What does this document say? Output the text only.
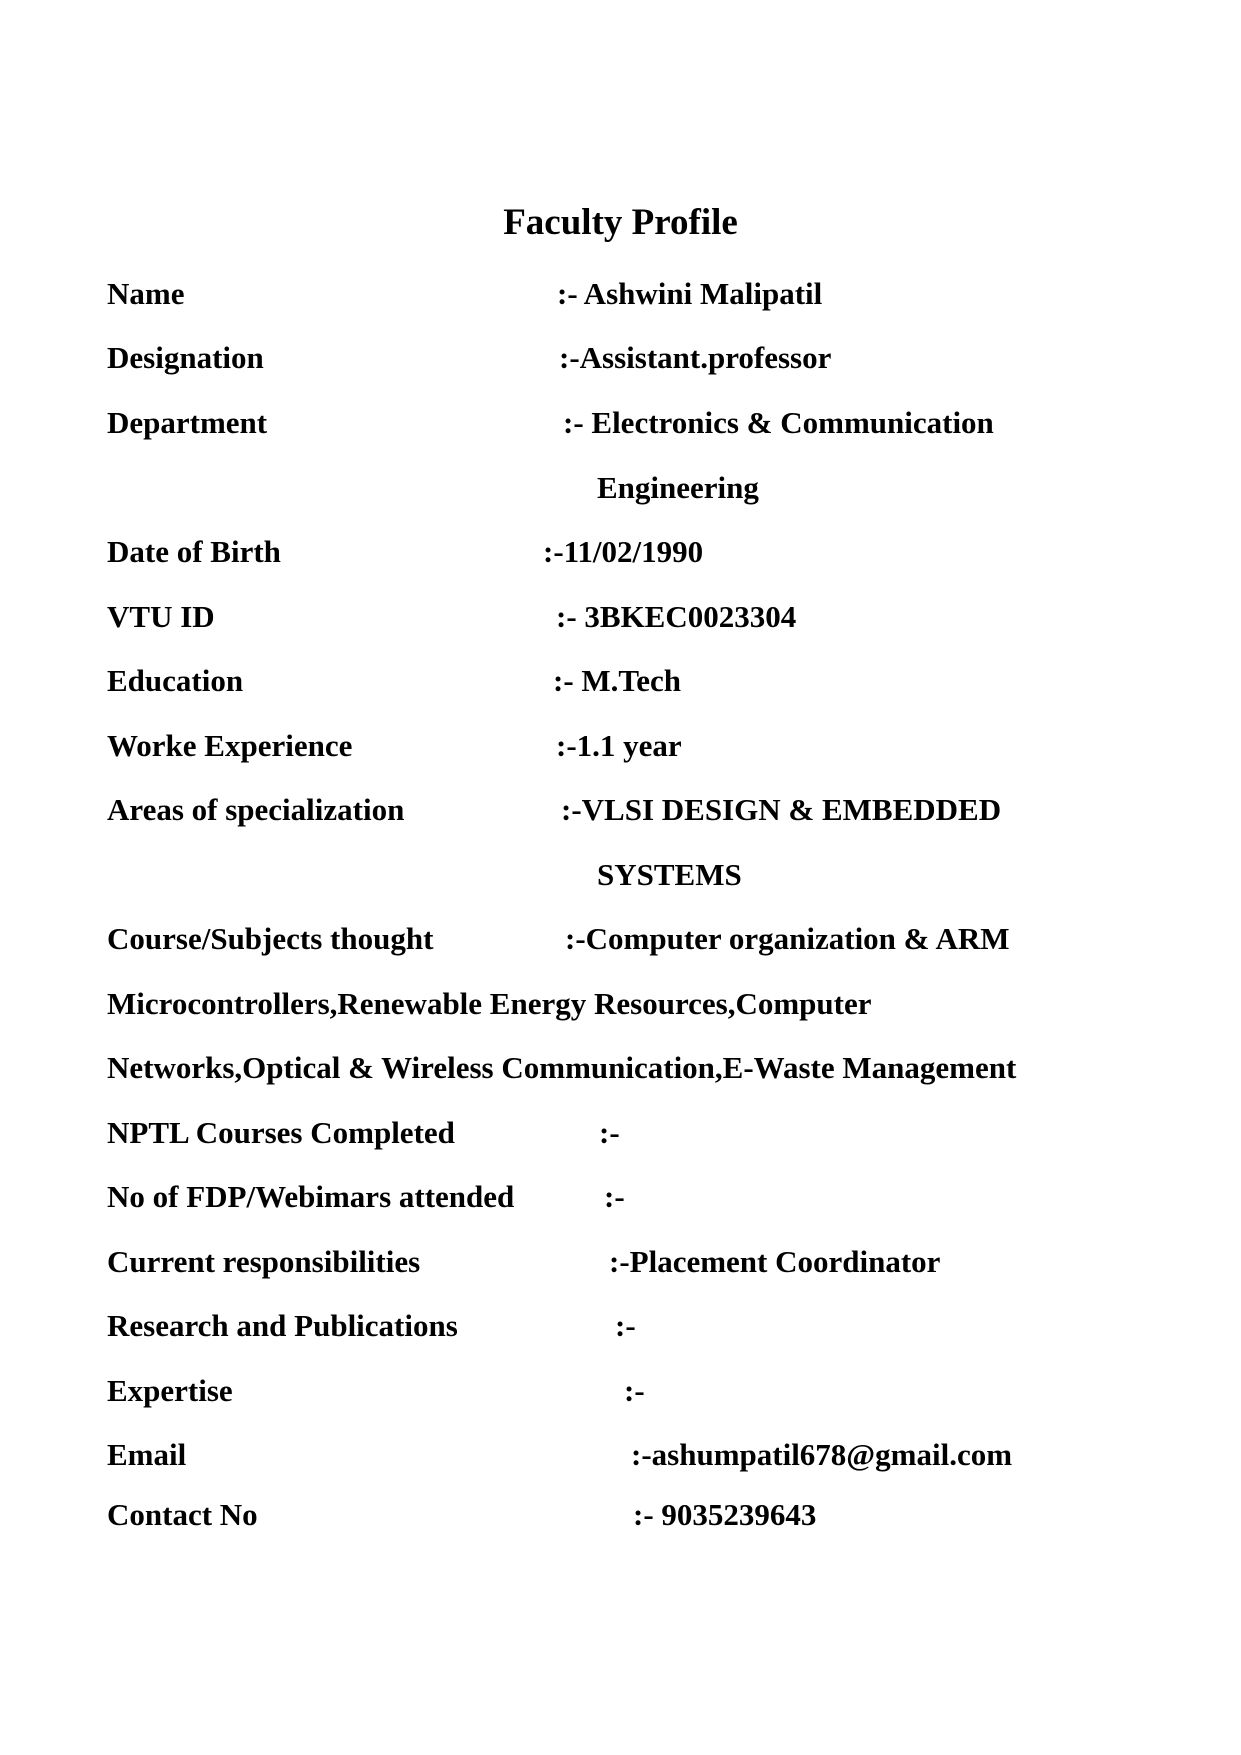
Faculty Profile
Name	:- Ashwini Malipatil
Designation	:-Assistant.professor
Department	:- Electronics & Communication
Engineering
Date of Birth	:-11/02/1990
VTU ID	:- 3BKEC0023304
Education	:- M.Tech
Worke Experience	:-1.1 year
Areas of specialization	:-VLSI DESIGN & EMBEDDED
SYSTEMS
Course/Subjects thought	:-Computer organization & ARM
Microcontrollers,Renewable Energy Resources,Computer
Networks,Optical & Wireless Communication,E-Waste Management
NPTL Courses Completed	:-
No of FDP/Webimars attended	:-
Current responsibilities	:-Placement Coordinator
Research and Publications	:-
Expertise	:-
Email	:-ashumpatil678@gmail.com
Contact No	:- 9035239643
